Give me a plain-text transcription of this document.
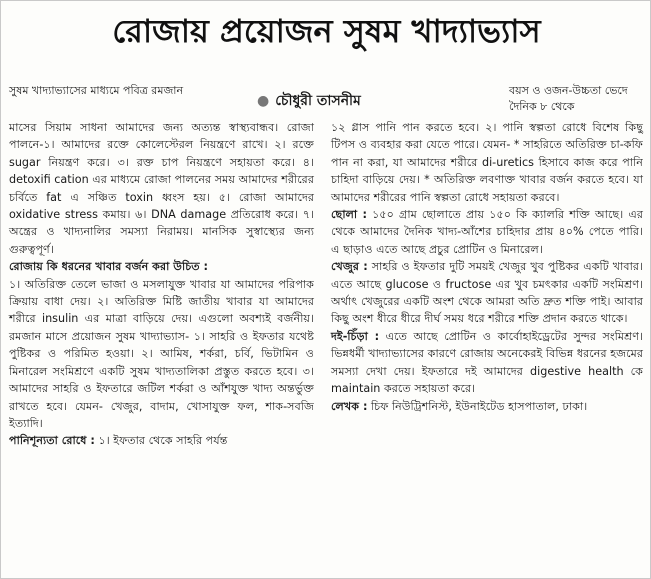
রোজায় প্রয়োজন সুষম খাদ্যাভ্যাস
সুষম খাদ্যাভ্যাসের মাধ্যমে পবিত্র রমজান
● চৌধুরী তাসনীম
বয়স ও ওজন-উচ্চতা ভেদে দৈনিক ৮ থেকে

মাসের সিয়াম সাধনা আমাদের জন্য অত্যন্ত স্বাস্থ্যবান্ধব। রোজা পালনে-১। আমাদের রক্তে কোলেস্টেরল নিয়ন্ত্রণে রাখে। ২। রক্তে sugar নিয়ন্ত্রণ করে। ৩। রক্ত চাপ নিয়ন্ত্রণে সহায়তা করে। ৪। detoxifi cation এর মাধ্যমে রোজা পালনের সময় আমাদের শরীরের চর্বিতে fat এ সঞ্চিত toxin ধ্বংস হয়। ৫। রোজা আমাদের oxidative stress কমায়। ৬। DNA damage প্রতিরোধ করে। ৭। অন্ত্রের ও খাদ্যনালির সমস্যা নিরাময়। মানসিক সুস্বাস্থ্যের জন্য গুরুত্বপূর্ণ।

রোজায় কি ধরনের খাবার বর্জন করা উচিত :

১। অতিরিক্ত তেলে ভাজা ও মসলাযুক্ত খাবার যা আমাদের পরিপাক ক্রিয়ায় বাধা দেয়। ২। অতিরিক্ত মিষ্টি জাতীয় খাবার যা আমাদের শরীরে insulin এর মাত্রা বাড়িয়ে দেয়। এগুলো অবশ্যই বর্জনীয়। রমজান মাসে প্রয়োজন সুষম খাদ্যাভ্যাস- ১। সাহরি ও ইফতার যথেষ্ট পুষ্টিকর ও পরিমিত হওয়া। ২। আমিষ, শর্করা, চর্বি, ভিটামিন ও মিনারেল সংমিশ্রণে একটি সুষম খাদ্যতালিকা প্রস্তুত করতে হবে। ৩। আমাদের সাহরি ও ইফতারে জটিল শর্করা ও আঁশযুক্ত খাদ্য অন্তর্ভুক্ত রাখতে হবে। যেমন- খেজুর, বাদাম, খোসাযুক্ত ফল, শাক-সবজি ইত্যাদি।

পানিশূন্যতা রোধে : ১। ইফতার থেকে সাহরি পর্যন্ত

১২ গ্লাস পানি পান করতে হবে। ২। পানি স্বল্পতা রোধে বিশেষ কিছু টিপস ও ব্যবহার করা যেতে পারে। যেমন- * সাহরিতে অতিরিক্ত চা-কফি পান না করা, যা আমাদের শরীরে di-uretics হিসাবে কাজ করে পানি চাহিদা বাড়িয়ে দেয়। * অতিরিক্ত লবণাক্ত খাবার বর্জন করতে হবে। যা আমাদের শরীরের পানি স্বল্পতা রোধে সহায়তা করবে।

ছোলা : ১৫০ গ্রাম ছোলাতে প্রায় ১৫০ কি ক্যালরি শক্তি আছে। এর থেকে আমাদের দৈনিক খাদ্য-আঁশের চাহিদার প্রায় ৪০% পেতে পারি। এ ছাড়াও এতে আছে প্রচুর প্রোটিন ও মিনারেল।

খেজুর : সাহরি ও ইফতার দুটি সময়ই খেজুর খুব পুষ্টিকর একটি খাবার। এতে আছে glucose ও fructose এর খুব চমৎকার একটি সংমিশ্রণ। অর্থাৎ খেজুরের একটি অংশ থেকে আমরা অতি দ্রুত শক্তি পাই। আবার কিছু অংশ ধীরে ধীরে দীর্ঘ সময় ধরে শরীরে শক্তি প্রদান করতে থাকে।

দই-চিঁড়া : এতে আছে প্রোটিন ও কার্বোহাইড্রেটের সুন্দর সংমিশ্রণ। ভিন্নধর্মী খাদ্যাভ্যাসের কারণে রোজায় অনেকেরই বিভিন্ন ধরনের হজমের সমস্যা দেখা দেয়। ইফতারে দই আমাদের digestive health কে maintain করতে সহায়তা করে।

লেখক : চিফ নিউট্রিশনিস্ট, ইউনাইটেড হাসপাতাল, ঢাকা।
